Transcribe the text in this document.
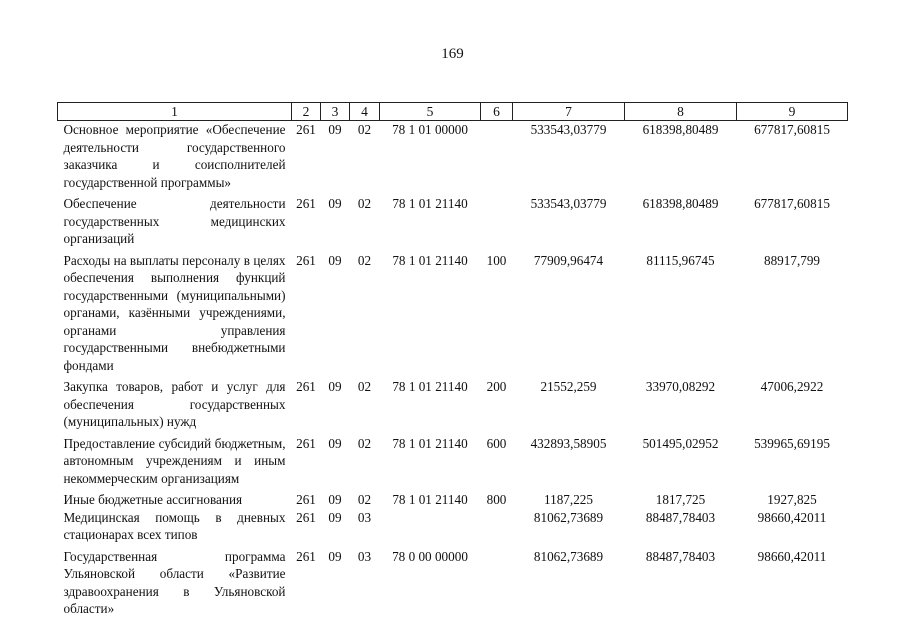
169
1	2	3	4	5	6	7	8	9
Основное мероприятие «Обеспечение деятельности государственного заказчика и соисполнителей государственной программы»	261	09	02	78 1 01 00000		533543,03779	618398,80489	677817,60815
Обеспечение деятельности государственных медицинских организаций	261	09	02	78 1 01 21140		533543,03779	618398,80489	677817,60815
Расходы на выплаты персоналу в целях обеспечения выполнения функций государственными (муниципальными) органами, казёнными учреждениями, органами управления государственными внебюджетными фондами	261	09	02	78 1 01 21140	100	77909,96474	81115,96745	88917,799
Закупка товаров, работ и услуг для обеспечения государственных (муниципальных) нужд	261	09	02	78 1 01 21140	200	21552,259	33970,08292	47006,2922
Предоставление субсидий бюджетным, автономным учреждениям и иным некоммерческим организациям	261	09	02	78 1 01 21140	600	432893,58905	501495,02952	539965,69195
Иные бюджетные ассигнования	261	09	02	78 1 01 21140	800	1187,225	1817,725	1927,825
Медицинская помощь в дневных стационарах всех типов	261	09	03			81062,73689	88487,78403	98660,42011
Государственная программа Ульяновской области «Развитие здравоохранения в Ульяновской области»	261	09	03	78 0 00 00000		81062,73689	88487,78403	98660,42011
